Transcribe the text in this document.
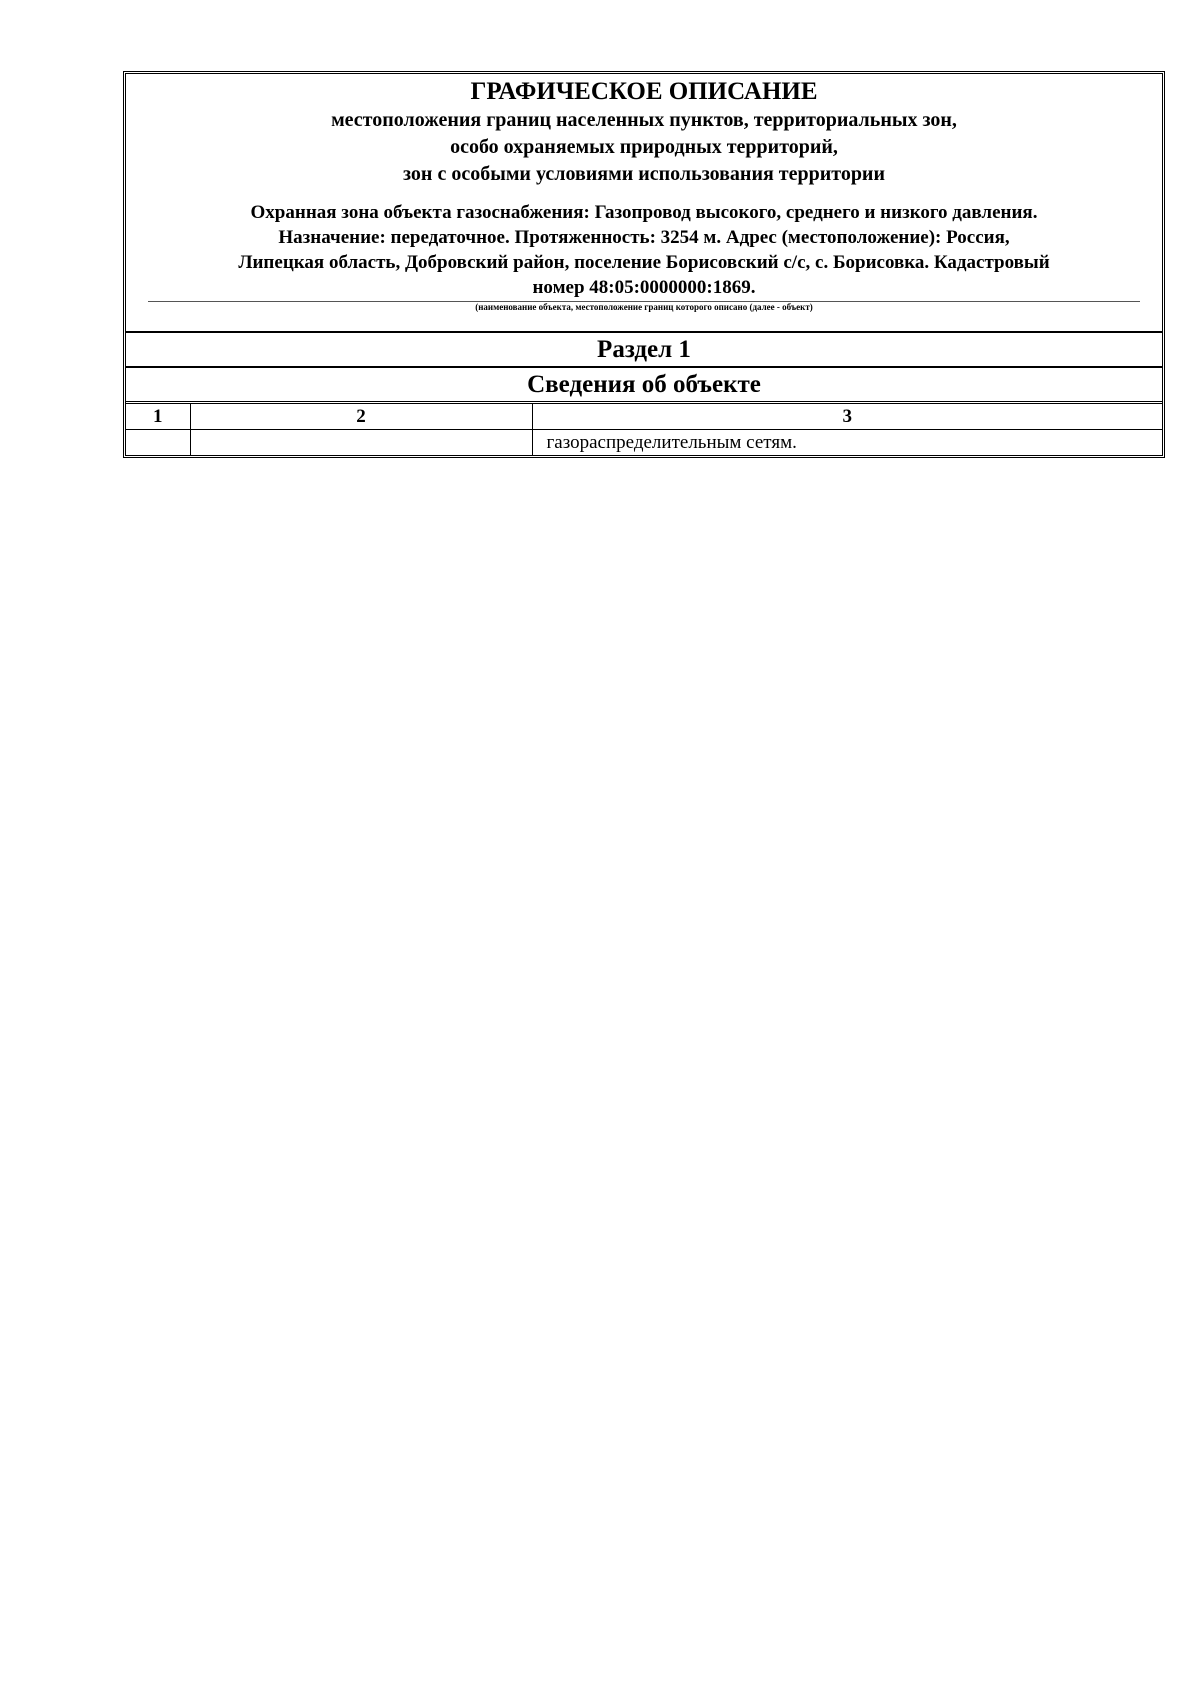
ГРАФИЧЕСКОЕ ОПИСАНИЕ

местоположения границ населенных пунктов, территориальных зон,

особо охраняемых природных территорий,

зон с особыми условиями использования территории

Охранная зона объекта газоснабжения: Газопровод высокого, среднего и низкого давления.
Назначение: передаточное. Протяженность: 3254 м. Адрес (местоположение): Россия,
Липецкая область, Добровский район, поселение Борисовский с/с, с. Борисовка. Кадастровый
номер 48:05:0000000:1869.

(наименование объекта, местоположение границ которого описано (далее - объект)

Раздел 1
Сведения об объекте
1	2	3
		газораспределительным сетям.
